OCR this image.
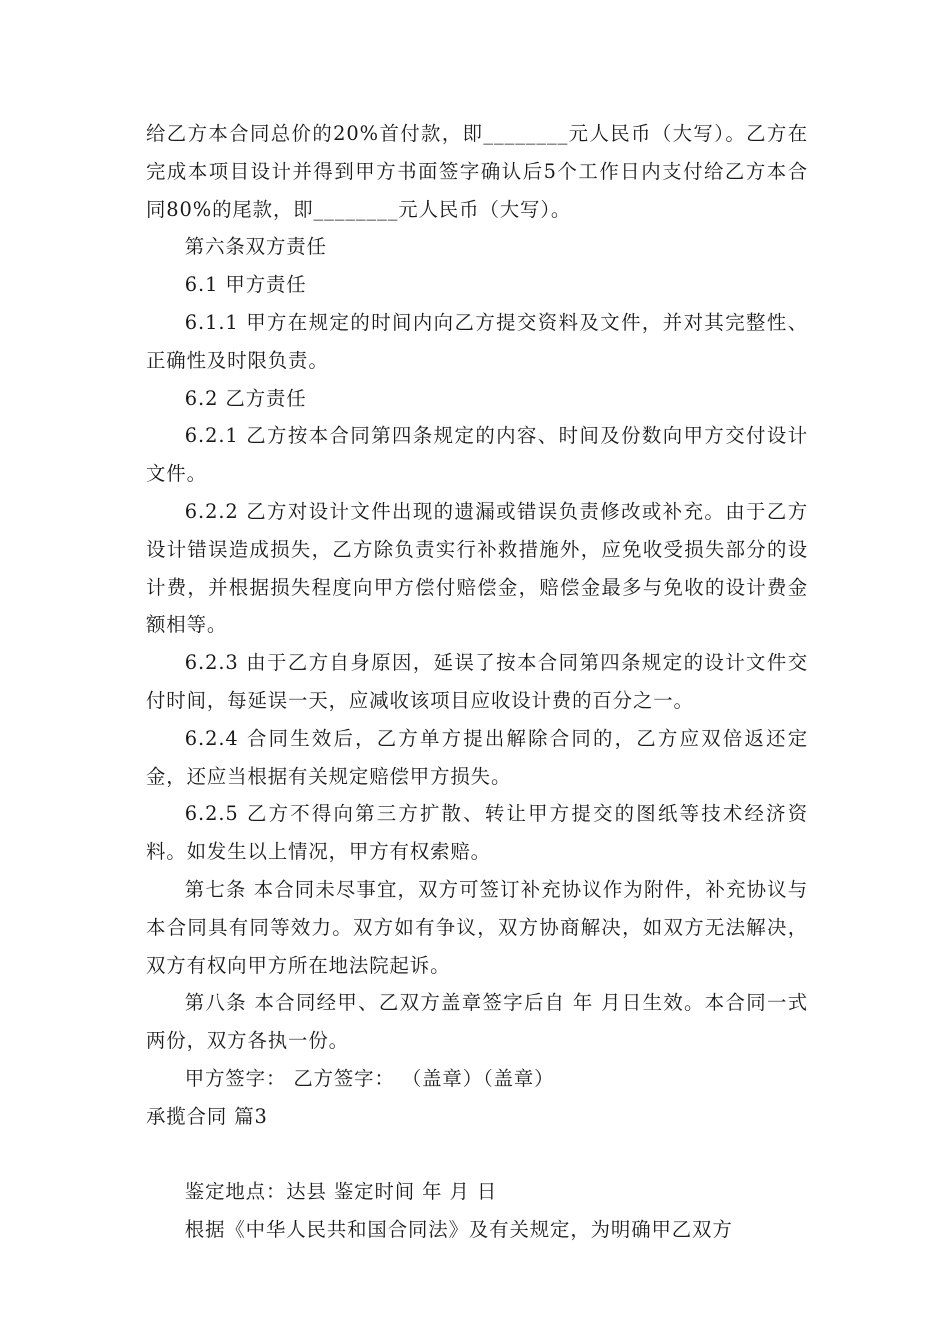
给乙方本合同总价的20%首付款，即________元人民币（大写）。乙方在完成本项目设计并得到甲方书面签字确认后5个工作日内支付给乙方本合同80%的尾款，即________元人民币（大写）。

第六条双方责任

6.1 甲方责任

6.1.1 甲方在规定的时间内向乙方提交资料及文件，并对其完整性、正确性及时限负责。

6.2 乙方责任

6.2.1 乙方按本合同第四条规定的内容、时间及份数向甲方交付设计文件。

6.2.2 乙方对设计文件出现的遗漏或错误负责修改或补充。由于乙方设计错误造成损失，乙方除负责实行补救措施外，应免收受损失部分的设计费，并根据损失程度向甲方偿付赔偿金，赔偿金最多与免收的设计费金额相等。

6.2.3 由于乙方自身原因，延误了按本合同第四条规定的设计文件交付时间，每延误一天，应减收该项目应收设计费的百分之一。

6.2.4 合同生效后，乙方单方提出解除合同的，乙方应双倍返还定金，还应当根据有关规定赔偿甲方损失。

6.2.5 乙方不得向第三方扩散、转让甲方提交的图纸等技术经济资料。如发生以上情况，甲方有权索赔。

第七条 本合同未尽事宜，双方可签订补充协议作为附件，补充协议与本合同具有同等效力。双方如有争议，双方协商解决，如双方无法解决，双方有权向甲方所在地法院起诉。

第八条 本合同经甲、乙双方盖章签字后自 年 月日生效。本合同一式两份，双方各执一份。

甲方签字： 乙方签字： （盖章）（盖章）

承揽合同 篇3

鉴定地点：达县 鉴定时间 年 月 日

根据《中华人民共和国合同法》及有关规定，为明确甲乙双方
